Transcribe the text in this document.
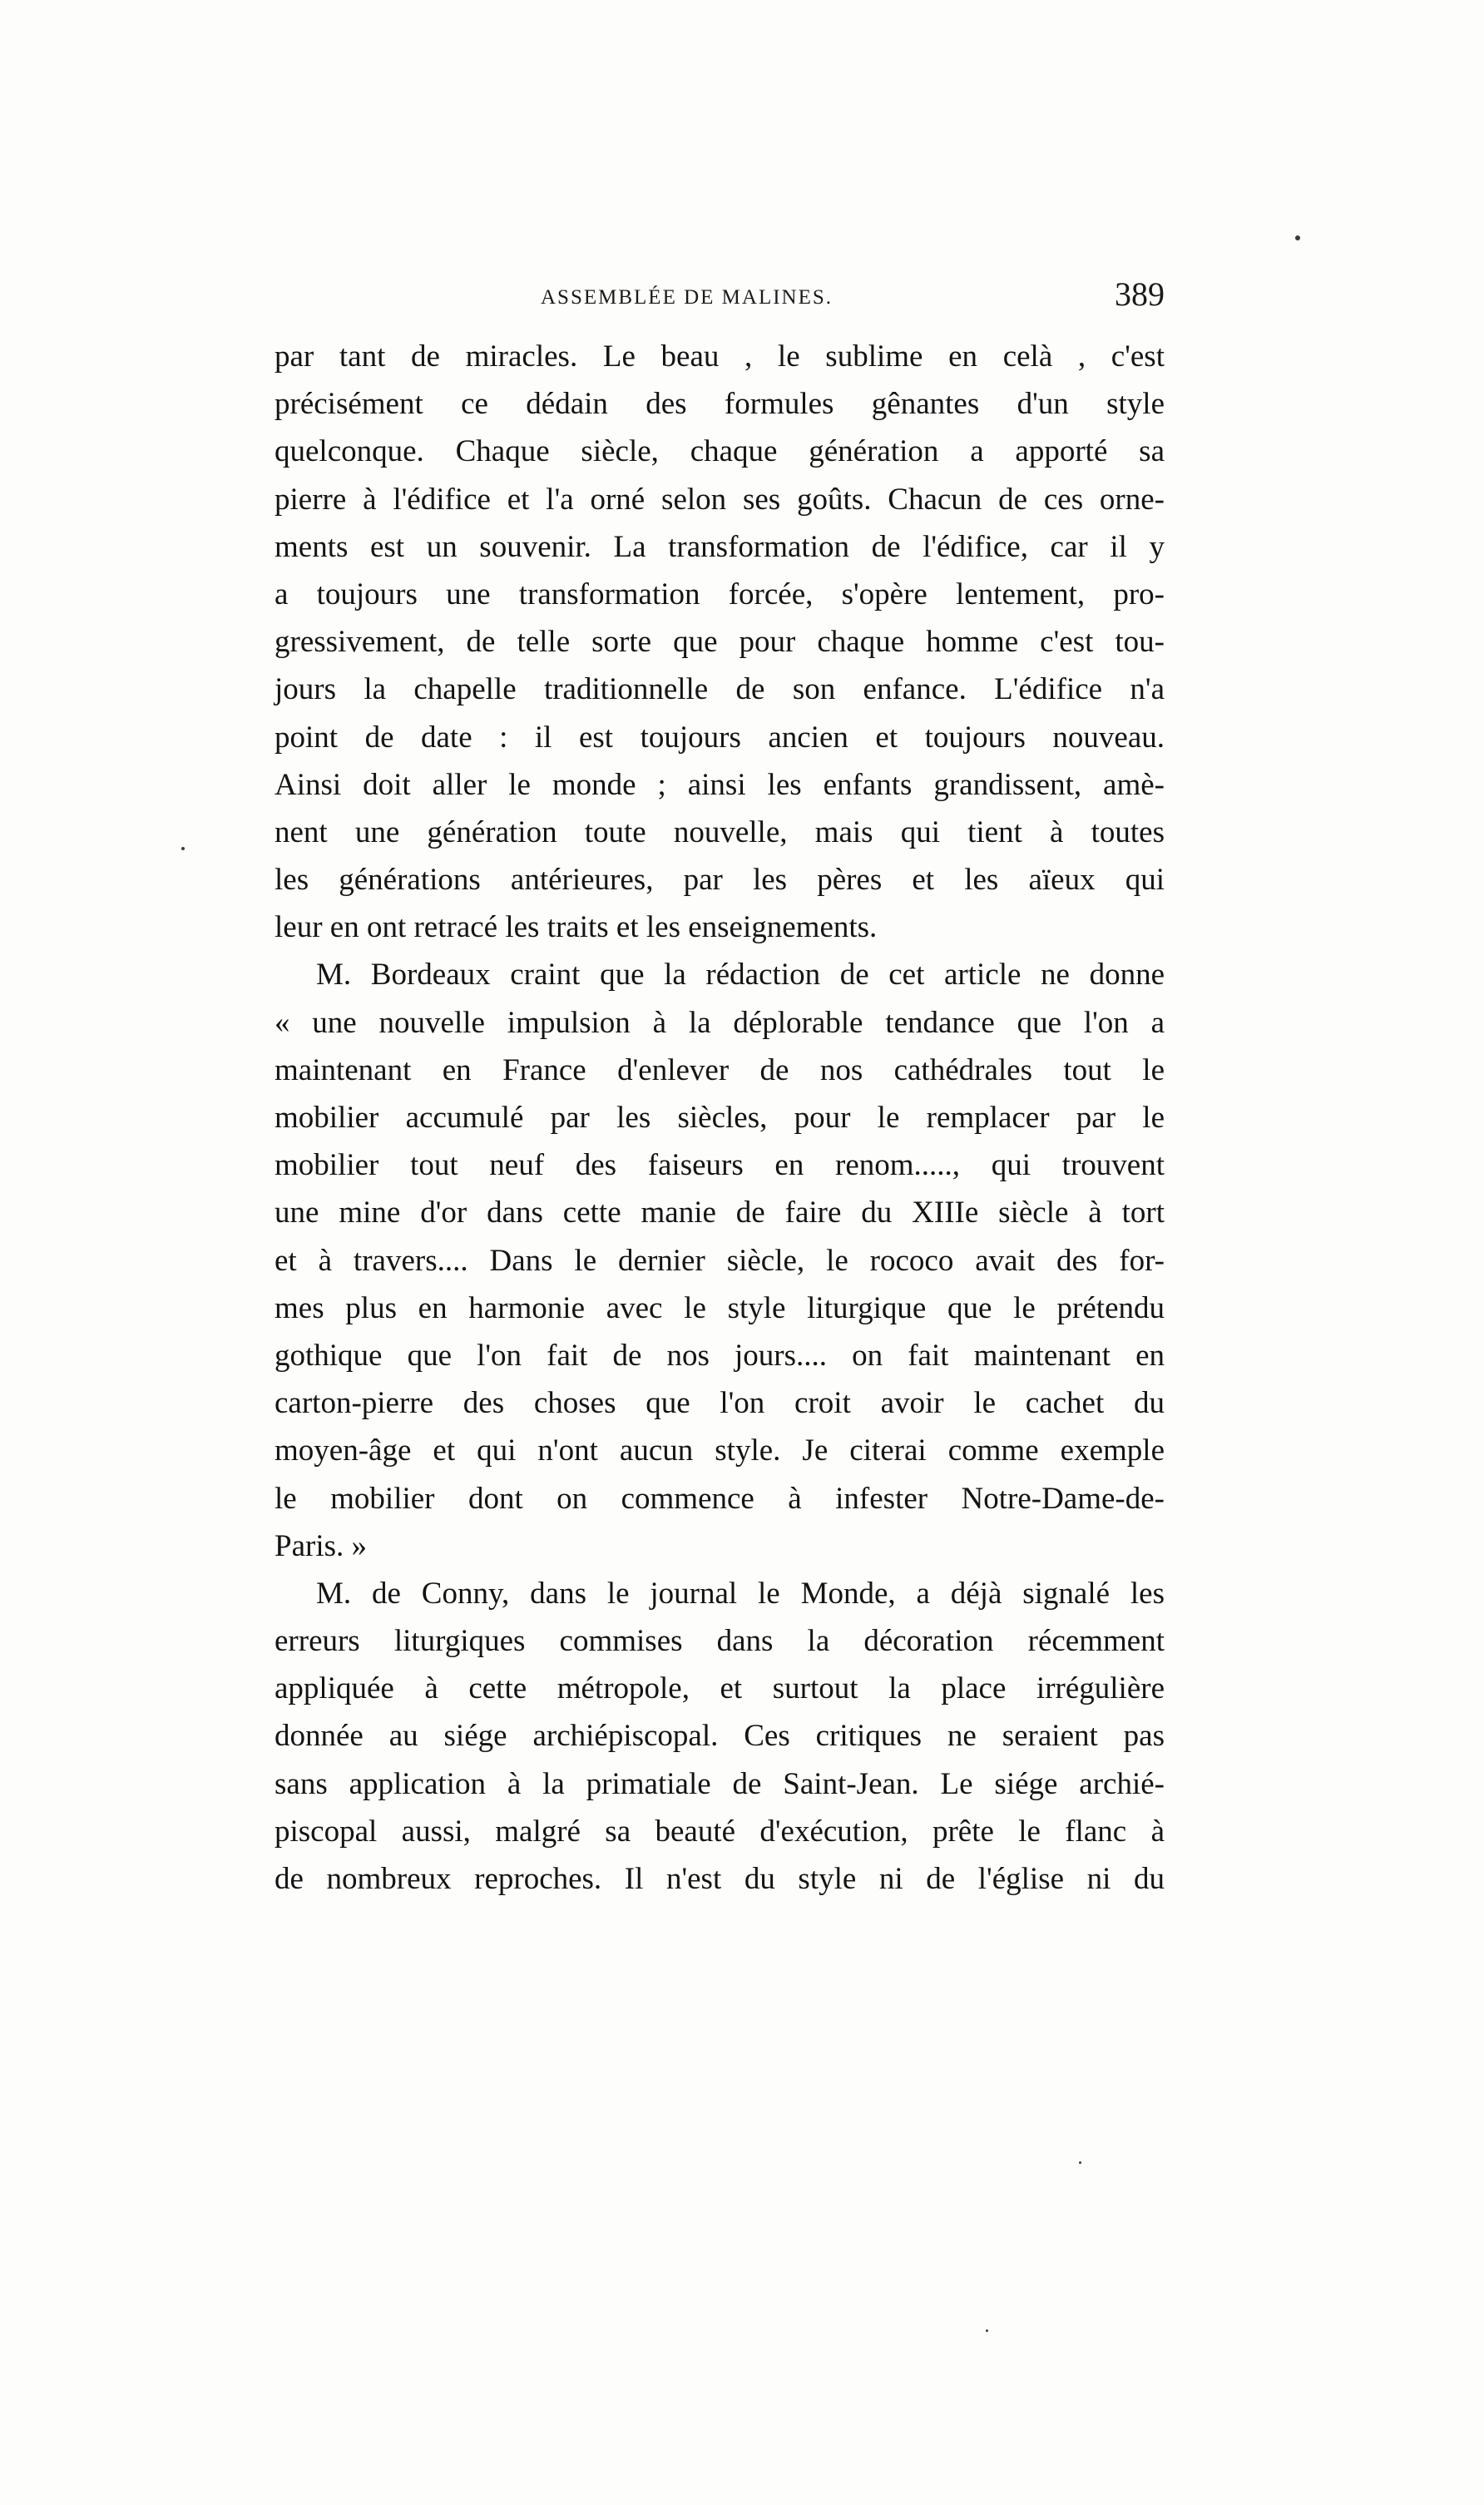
ASSEMBLÉE DE MALINES.	389
par tant de miracles. Le beau , le sublime en celà , c'est
précisément ce dédain des formules gênantes d'un style
quelconque. Chaque siècle, chaque génération a apporté sa
pierre à l'édifice et l'a orné selon ses goûts. Chacun de ces orne-
ments est un souvenir. La transformation de l'édifice, car il y
a toujours une transformation forcée, s'opère lentement, pro-
gressivement, de telle sorte que pour chaque homme c'est tou-
jours la chapelle traditionnelle de son enfance. L'édifice n'a
point de date : il est toujours ancien et toujours nouveau.
Ainsi doit aller le monde ; ainsi les enfants grandissent, amè-
nent une génération toute nouvelle, mais qui tient à toutes
les générations antérieures, par les pères et les aïeux qui
leur en ont retracé les traits et les enseignements.
M. Bordeaux craint que la rédaction de cet article ne donne
« une nouvelle impulsion à la déplorable tendance que l'on a
maintenant en France d'enlever de nos cathédrales tout le
mobilier accumulé par les siècles, pour le remplacer par le
mobilier tout neuf des faiseurs en renom....., qui trouvent
une mine d'or dans cette manie de faire du XIIIe siècle à tort
et à travers.... Dans le dernier siècle, le rococo avait des for-
mes plus en harmonie avec le style liturgique que le prétendu
gothique que l'on fait de nos jours.... on fait maintenant en
carton-pierre des choses que l'on croit avoir le cachet du
moyen-âge et qui n'ont aucun style. Je citerai comme exemple
le mobilier dont on commence à infester Notre-Dame-de-
Paris. »
M. de Conny, dans le journal le Monde, a déjà signalé les
erreurs liturgiques commises dans la décoration récemment
appliquée à cette métropole, et surtout la place irrégulière
donnée au siége archiépiscopal. Ces critiques ne seraient pas
sans application à la primatiale de Saint-Jean. Le siége archié-
piscopal aussi, malgré sa beauté d'exécution, prête le flanc à
de nombreux reproches. Il n'est du style ni de l'église ni du
